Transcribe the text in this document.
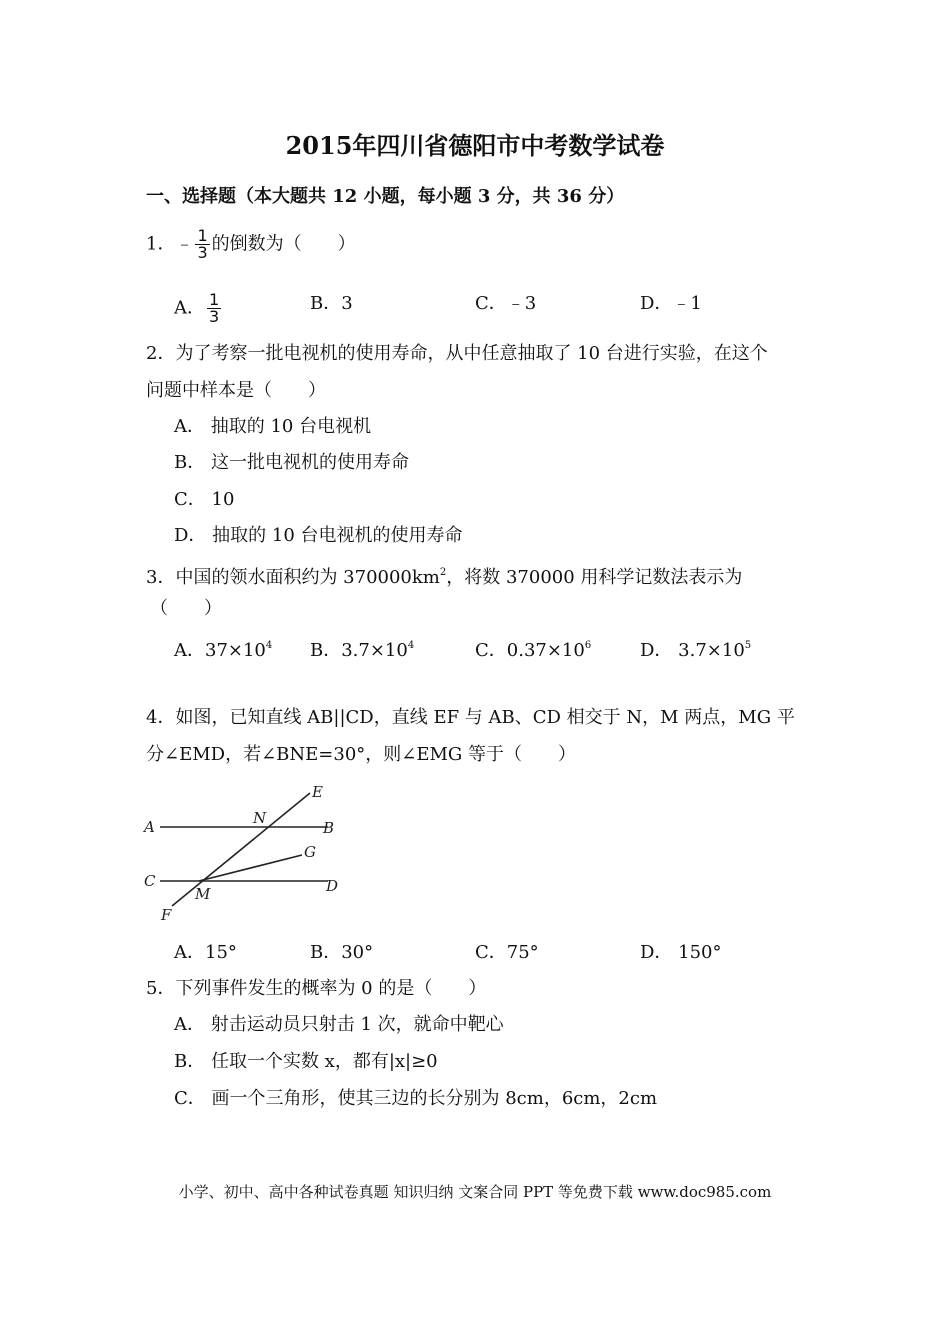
2015年四川省德阳市中考数学试卷
一、选择题（本大题共 12 小题，每小题 3 分，共 36 分）
1．﹣ $\frac{1}{3}$ 的倒数为（　　）
A． $\frac{1}{3}$	B．3	C．﹣3	D．﹣1
2．为了考察一批电视机的使用寿命，从中任意抽取了 10 台进行实验，在这个
问题中样本是（　　）
A． 抽取的 10 台电视机
B． 这一批电视机的使用寿命
C． 10
D． 抽取的 10 台电视机的使用寿命
3．中国的领水面积约为 $370000km^2$，将数 370000 用科学记数法表示为
（　　）
A．$37\times 10^4$ B．$3.7\times 10^4$	C．$0.37\times 10^6$	D． $3.7\times 10^5$
4．如图，已知直线 AB||CD，直线 EF 与 AB、CD 相交于 N，M 两点，MG 平
分∠EMD，若∠BNE=30°，则∠EMG 等于（　　）
A	B
C	D
E
F
G
M
N
A．15°	B．30°	C．75°	D． 150°
5．下列事件发生的概率为 0 的是（　　）
A． 射击运动员只射击 1 次，就命中靶心
B． 任取一个实数 x，都有|x|≥0
C． 画一个三角形，使其三边的长分别为 8cm，6cm，2cm
小学、初中、高中各种试卷真题 知识归纳 文案合同 PPT 等免费下载 www.doc985.com
